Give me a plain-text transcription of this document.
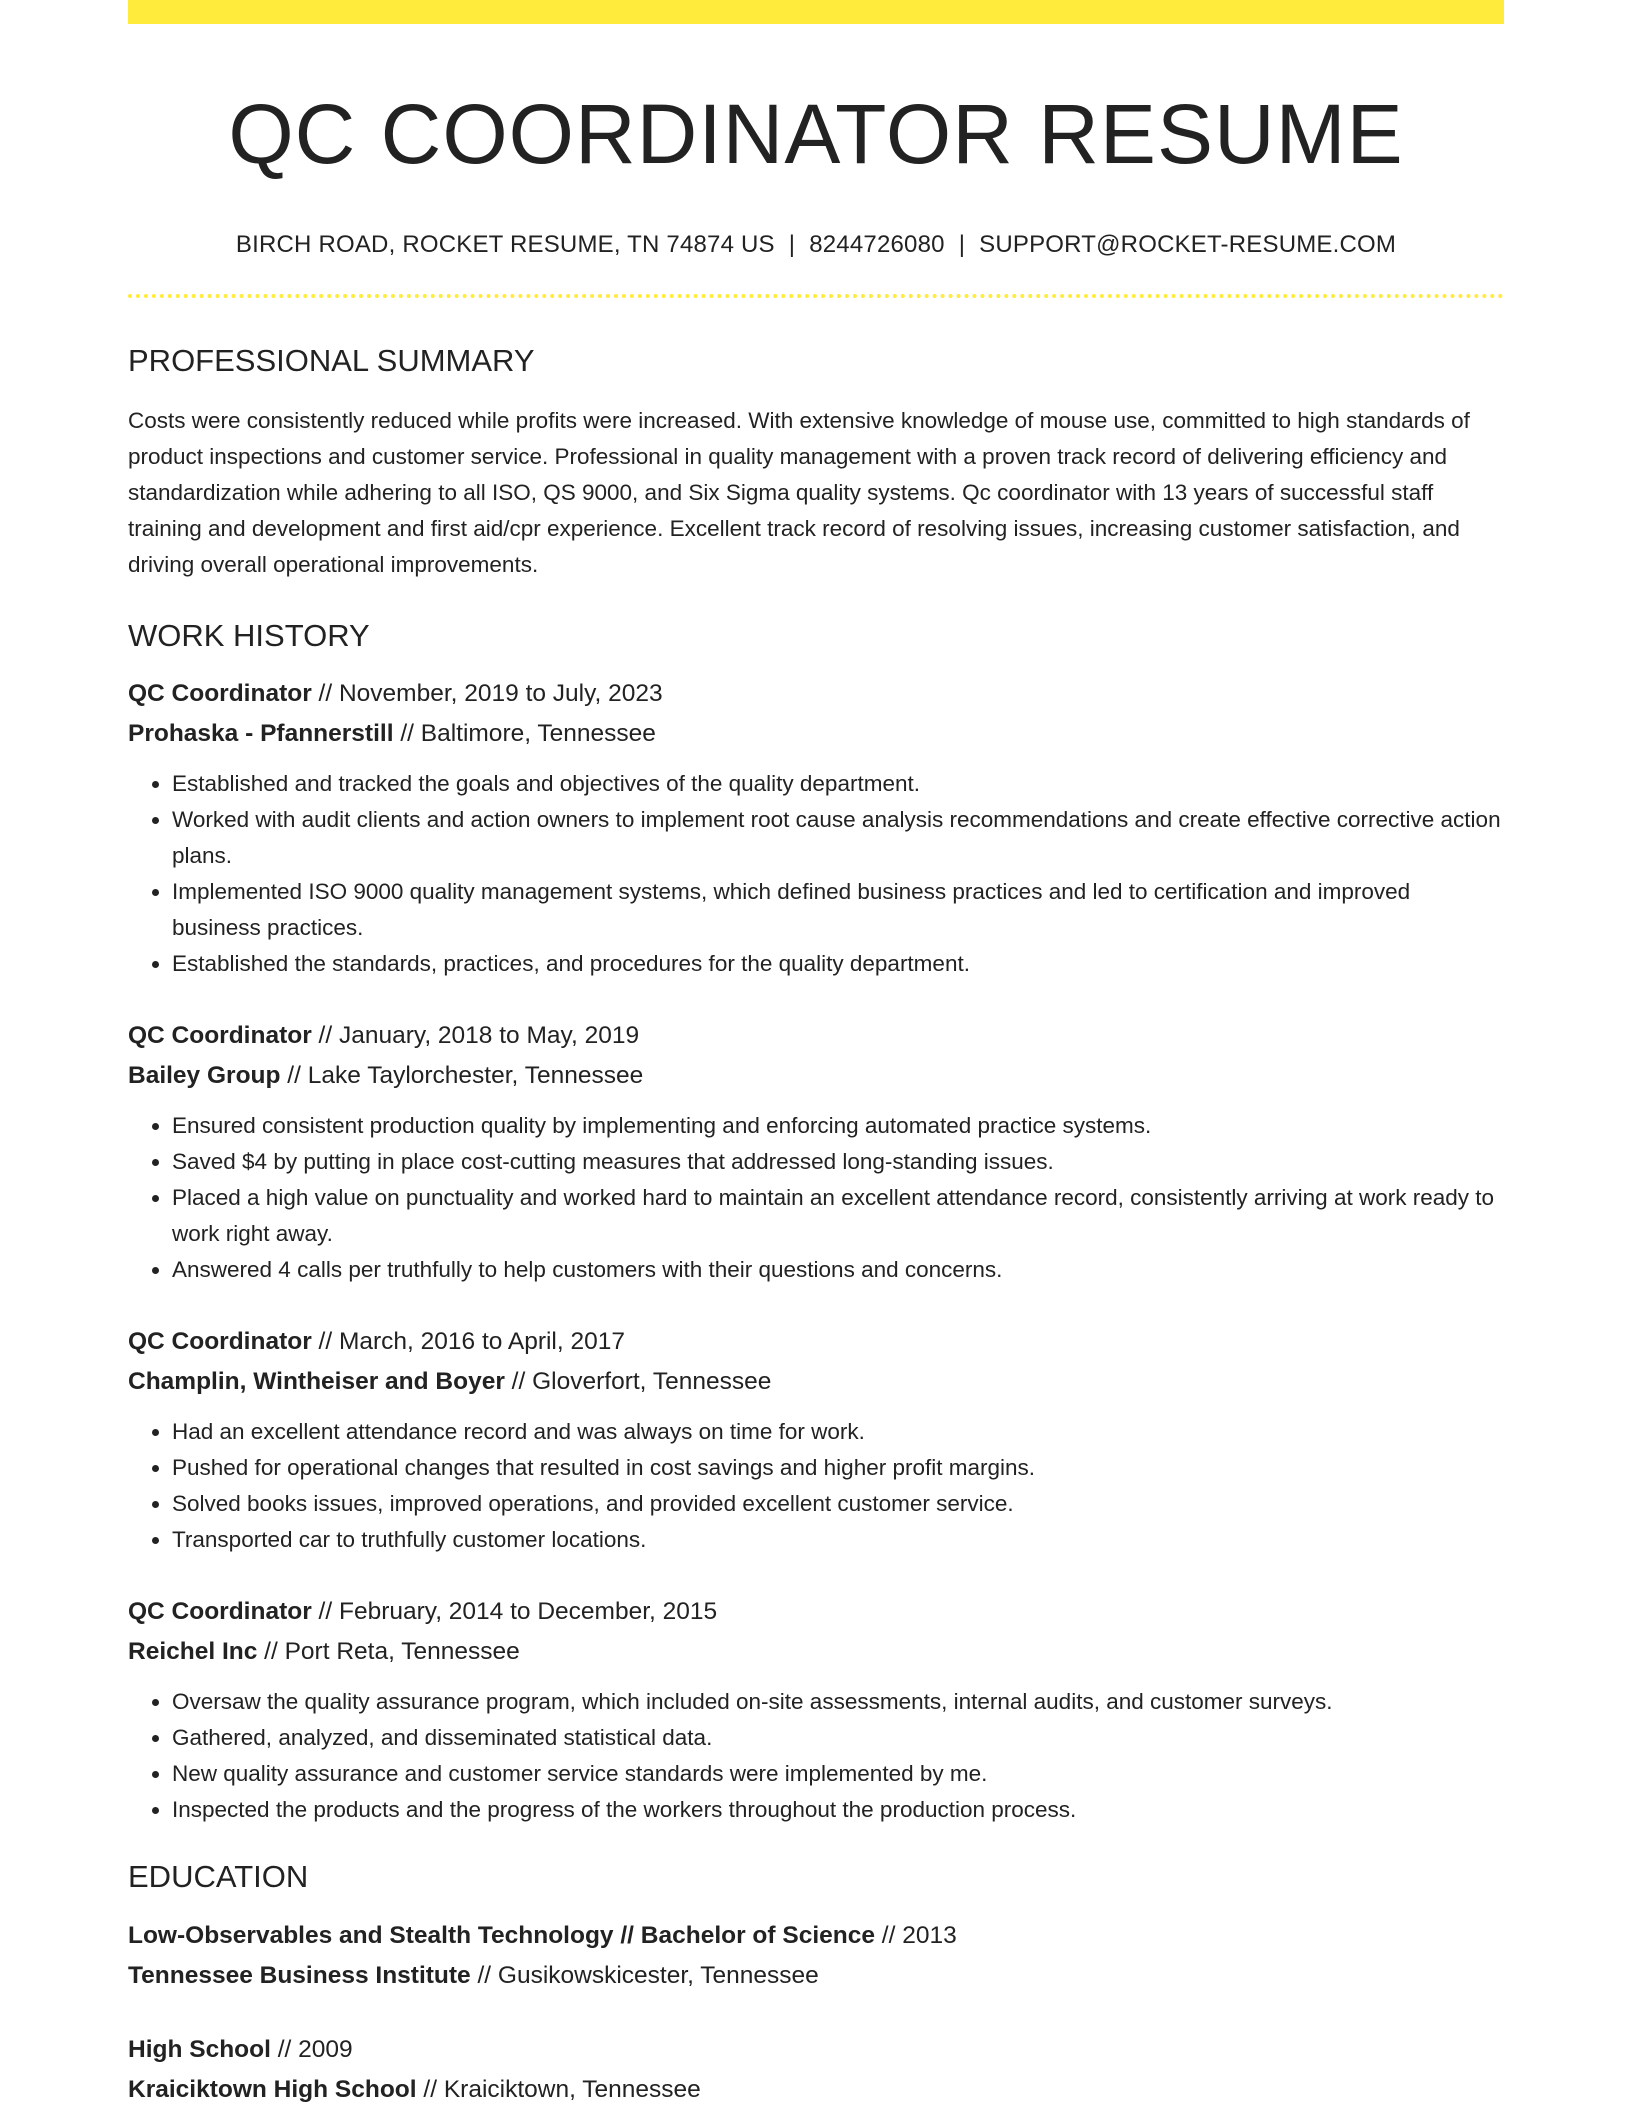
QC COORDINATOR RESUME
BIRCH ROAD, ROCKET RESUME, TN 74874 US | 8244726080 | SUPPORT@ROCKET-RESUME.COM
PROFESSIONAL SUMMARY

Costs were consistently reduced while profits were increased. With extensive knowledge of mouse use, committed to high standards of product inspections and customer service. Professional in quality management with a proven track record of delivering efficiency and standardization while adhering to all ISO, QS 9000, and Six Sigma quality systems. Qc coordinator with 13 years of successful staff training and development and first aid/cpr experience. Excellent track record of resolving issues, increasing customer satisfaction, and driving overall operational improvements.

WORK HISTORY
QC Coordinator // November, 2019 to July, 2023
Prohaska - Pfannerstill // Baltimore, Tennessee
• Established and tracked the goals and objectives of the quality department.
• Worked with audit clients and action owners to implement root cause analysis recommendations and create effective corrective action plans.
• Implemented ISO 9000 quality management systems, which defined business practices and led to certification and improved business practices.
• Established the standards, practices, and procedures for the quality department.
QC Coordinator // January, 2018 to May, 2019
Bailey Group // Lake Taylorchester, Tennessee
• Ensured consistent production quality by implementing and enforcing automated practice systems.
• Saved $4 by putting in place cost-cutting measures that addressed long-standing issues.
• Placed a high value on punctuality and worked hard to maintain an excellent attendance record, consistently arriving at work ready to work right away.
• Answered 4 calls per truthfully to help customers with their questions and concerns.
QC Coordinator // March, 2016 to April, 2017
Champlin, Wintheiser and Boyer // Gloverfort, Tennessee
• Had an excellent attendance record and was always on time for work.
• Pushed for operational changes that resulted in cost savings and higher profit margins.
• Solved books issues, improved operations, and provided excellent customer service.
• Transported car to truthfully customer locations.
QC Coordinator // February, 2014 to December, 2015
Reichel Inc // Port Reta, Tennessee
• Oversaw the quality assurance program, which included on-site assessments, internal audits, and customer surveys.
• Gathered, analyzed, and disseminated statistical data.
• New quality assurance and customer service standards were implemented by me.
• Inspected the products and the progress of the workers throughout the production process.
EDUCATION
Low-Observables and Stealth Technology // Bachelor of Science // 2013
Tennessee Business Institute // Gusikowskicester, Tennessee
High School // 2009
Kraiciktown High School // Kraiciktown, Tennessee
